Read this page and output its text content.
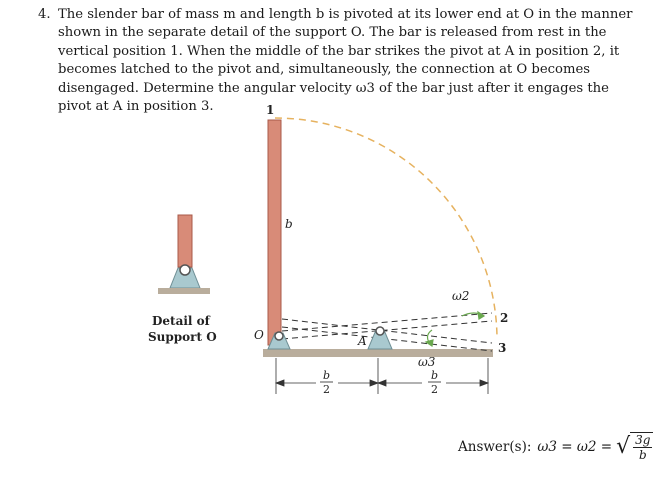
4. The slender bar of mass m and length b is pivoted at its lower end at O in the manner shown in the separate detail of the support O. The bar is released from rest in the vertical position 1. When the middle of the bar strikes the pivot at A in position 2, it becomes latched to the pivot and, simultaneously, the connection at O becomes disengaged. Determine the angular velocity ω3 of the bar just after it engages the pivot at A in position 3.	1
2
3
b
ω2
ω3
O	A
Detail of
Support O
b
2
b
2
Answer(s): ω3 = ω2 = √ $\frac{3g}{b}$
